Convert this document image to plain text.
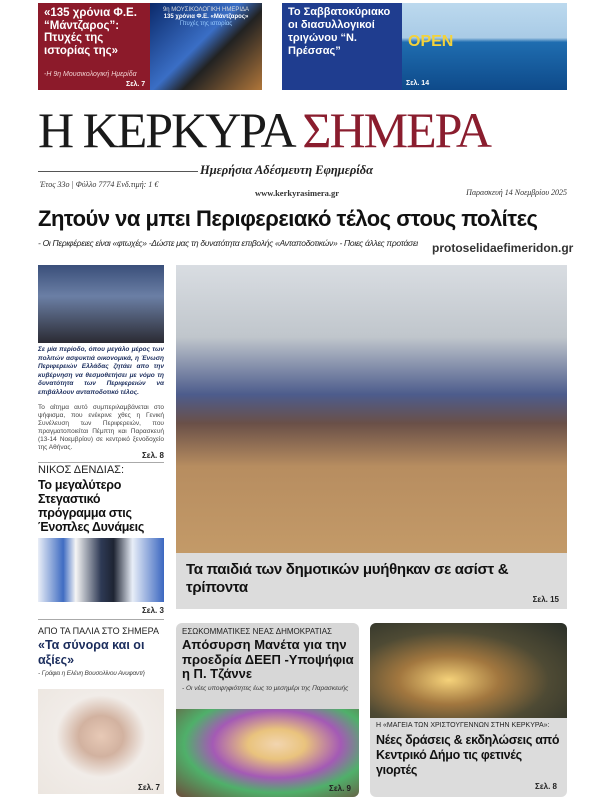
«135 χρόνια Φ.Ε. “Μάντζαρος”: Πτυχές της ιστορίας της»
-Η 9η Μουσικολογική Ημερίδα
Σελ. 7
9η ΜΟΥΣΙΚΟΛΟΓΙΚΗ ΗΜΕΡΙΔΑ
135 χρόνια Φ.Ε. «Μάντζαρος»
Πτυχές της ιστορίας
Το Σαββατοκύριακο οι διασυλλογικοί τριγώνου “Ν. Πρέσσας”
OPEN
Σελ. 14
Η ΚΕΡΚΥΡΑ ΣΗΜΕΡΑ
Ημερήσια Αδέσμευτη Εφημερίδα
Έτος 33ο | Φύλλο 7774 Ενδ.τιμή: 1 €
www.kerkyrasimera.gr	Παρασκευή 14 Νοεμβρίου 2025
Ζητούν να μπει Περιφερειακό τέλος στους πολίτες
- Οι Περιφέρειες είναι «φτωχές» -Δώστε μας τη δυνατότητα επιβολής «Ανταποδοτικών» - Ποιες άλλες προτάσει	protoselidaefimeridon.gr
Σε μία περίοδο, όπου μεγάλο μέρος των πολιτών ασφυκτιά οικονομικά, η Ένωση Περιφερειών Ελλάδας ζητάει απο την κυβέρνηση να θεσμοθετήσει με νόμο τη δυνατότητα των Περιφερειών να επιβάλλουν ανταποδοτικό τέλος.
Το αίτημα αυτό συμπεριλαμβάνεται στο ψήφισμα, που ενέκρινε χθες η Γενική Συνέλευση των Περιφερειών, που πραγματοποιείται Πέμπτη και Παρασκευή (13-14 Νοεμβρίου) σε κεντρικό ξενοδοχείο της Αθήνας.
Σελ. 8
ΝΙΚΟΣ ΔΕΝΔΙΑΣ:
Το μεγαλύτερο Στεγαστικό πρόγραμμα στις Ένοπλες Δυνάμεις
Σελ. 3
Τα παιδιά των δημοτικών μυήθηκαν σε ασίστ & τρίποντα
Σελ. 15
ΑΠΟ ΤΑ ΠΑΛΙΑ ΣΤΟ ΣΗΜΕΡΑ
«Τα σύνορα και οι αξίες»
- Γράφει η Ελένη Βουσολίνου Ανυφαντή
Σελ. 7
ΕΣΩΚΟΜΜΑΤΙΚΕΣ ΝΕΑΣ ΔΗΜΟΚΡΑΤΙΑΣ
Απόσυρση Μανέτα για την προεδρία ΔΕΕΠ -Υποψήφια η Π. Τζάννε
- Οι νέες υποψηφιότητες έως το μεσημέρι της Παρασκευής
Σελ. 9
Η «ΜΑΓΕΙΑ ΤΩΝ ΧΡΙΣΤΟΥΓΕΝΝΩΝ ΣΤΗΝ ΚΕΡΚΥΡΑ»:
Νέες δράσεις & εκδηλώσεις από Κεντρικό Δήμο τις φετινές γιορτές
Σελ. 8
